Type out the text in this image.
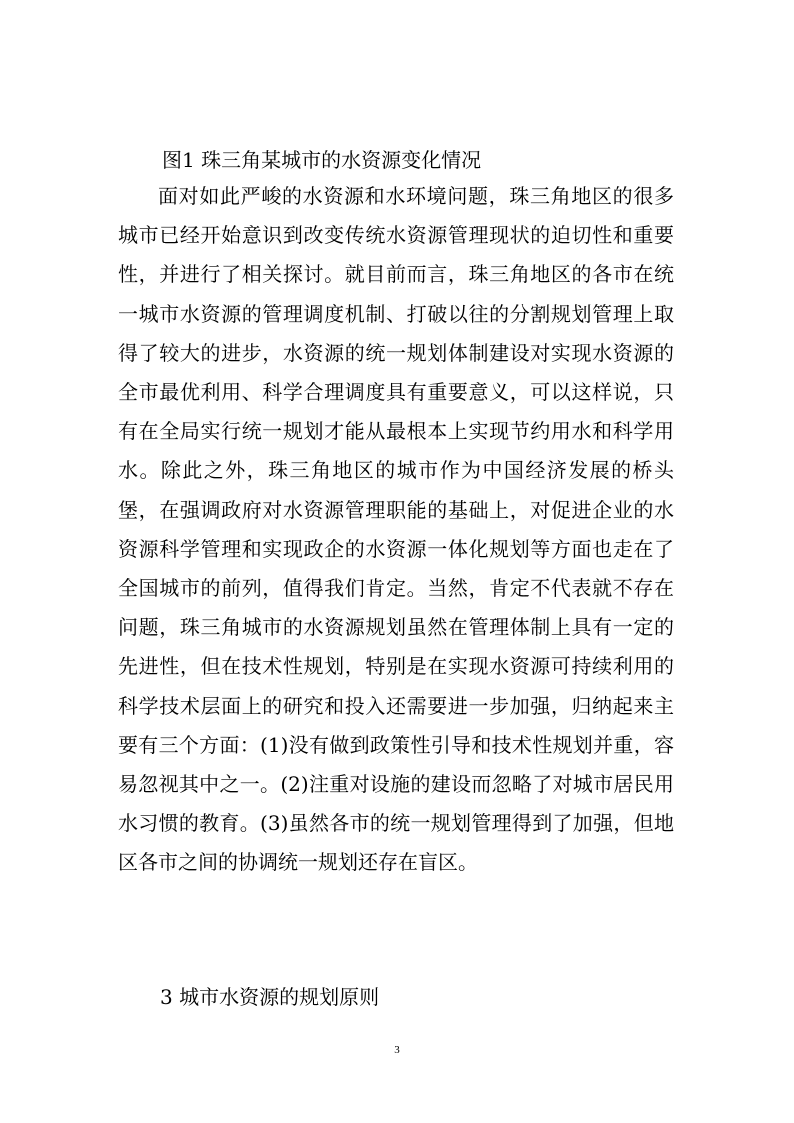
图1 珠三角某城市的水资源变化情况

面对如此严峻的水资源和水环境问题，珠三角地区的很多城市已经开始意识到改变传统水资源管理现状的迫切性和重要性，并进行了相关探讨。就目前而言，珠三角地区的各市在统一城市水资源的管理调度机制、打破以往的分割规划管理上取得了较大的进步，水资源的统一规划体制建设对实现水资源的全市最优利用、科学合理调度具有重要意义，可以这样说，只有在全局实行统一规划才能从最根本上实现节约用水和科学用水。除此之外，珠三角地区的城市作为中国经济发展的桥头堡，在强调政府对水资源管理职能的基础上，对促进企业的水资源科学管理和实现政企的水资源一体化规划等方面也走在了全国城市的前列，值得我们肯定。当然，肯定不代表就不存在问题，珠三角城市的水资源规划虽然在管理体制上具有一定的先进性，但在技术性规划，特别是在实现水资源可持续利用的科学技术层面上的研究和投入还需要进一步加强，归纳起来主要有三个方面：(1)没有做到政策性引导和技术性规划并重，容易忽视其中之一。(2)注重对设施的建设而忽略了对城市居民用水习惯的教育。(3)虽然各市的统一规划管理得到了加强，但地区各市之间的协调统一规划还存在盲区。

3 城市水资源的规划原则
3
